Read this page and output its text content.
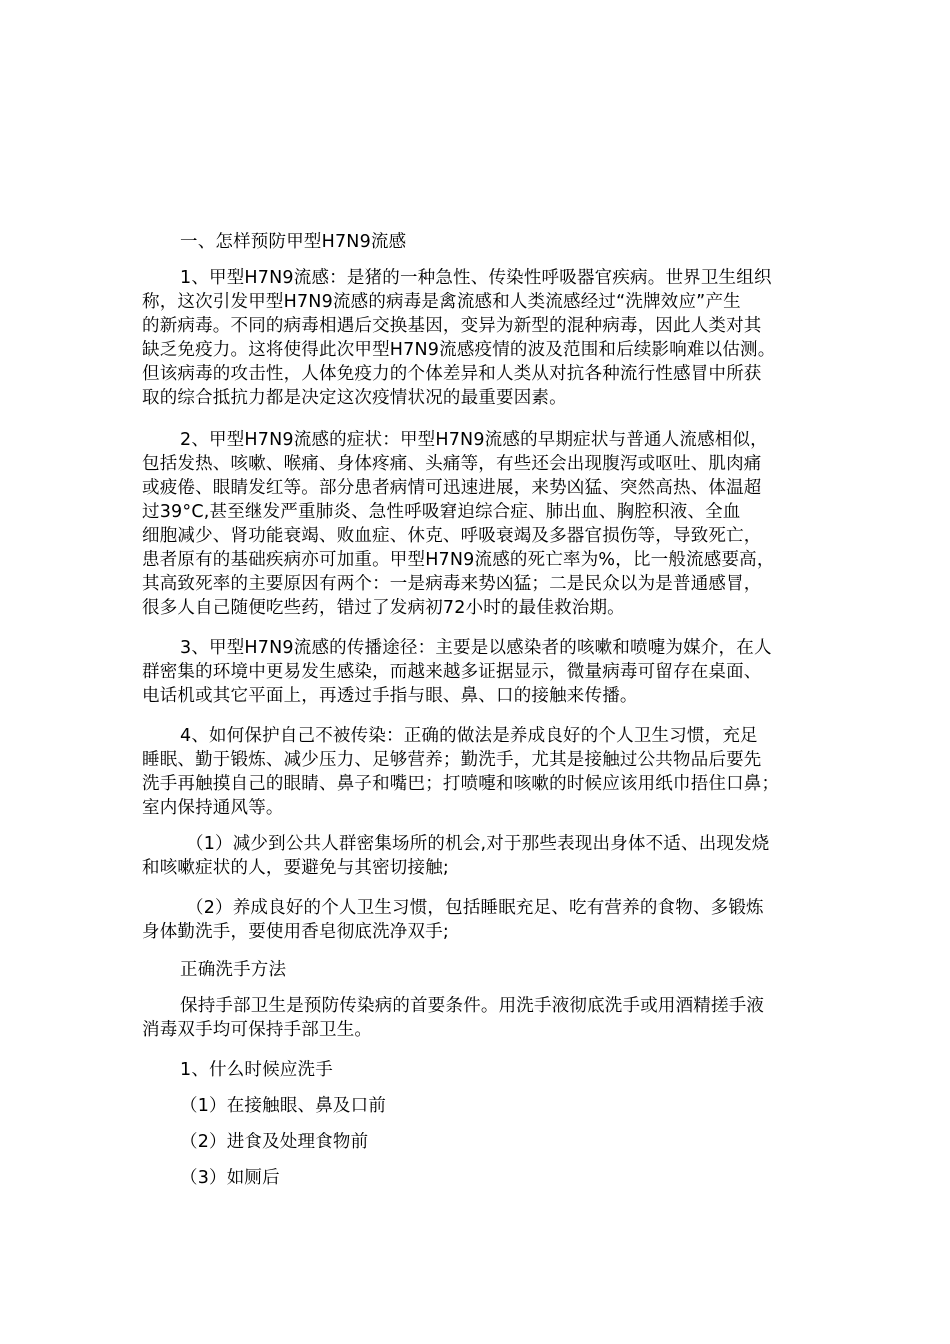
一、怎样预防甲型H7N9流感
1、甲型H7N9流感：是猪的一种急性、传染性呼吸器官疾病。世界卫生组织
称，这次引发甲型H7N9流感的病毒是禽流感和人类流感经过“洗牌效应”产生
的新病毒。不同的病毒相遇后交换基因，变异为新型的混种病毒，因此人类对其
缺乏免疫力。这将使得此次甲型H7N9流感疫情的波及范围和后续影响难以估测。
但该病毒的攻击性，人体免疫力的个体差异和人类从对抗各种流行性感冒中所获
取的综合抵抗力都是决定这次疫情状况的最重要因素。
2、甲型H7N9流感的症状：甲型H7N9流感的早期症状与普通人流感相似，
包括发热、咳嗽、喉痛、身体疼痛、头痛等，有些还会出现腹泻或呕吐、肌肉痛
或疲倦、眼睛发红等。部分患者病情可迅速进展，来势凶猛、突然高热、体温超
过39°C,甚至继发严重肺炎、急性呼吸窘迫综合症、肺出血、胸腔积液、全血
细胞减少、肾功能衰竭、败血症、休克、呼吸衰竭及多器官损伤等，导致死亡，
患者原有的基础疾病亦可加重。甲型H7N9流感的死亡率为%，比一般流感要高，
其高致死率的主要原因有两个：一是病毒来势凶猛；二是民众以为是普通感冒，
很多人自己随便吃些药，错过了发病初72小时的最佳救治期。
3、甲型H7N9流感的传播途径：主要是以感染者的咳嗽和喷嚏为媒介，在人
群密集的环境中更易发生感染，而越来越多证据显示，微量病毒可留存在桌面、
电话机或其它平面上，再透过手指与眼、鼻、口的接触来传播。
4、如何保护自己不被传染：正确的做法是养成良好的个人卫生习惯，充足
睡眠、勤于锻炼、减少压力、足够营养；勤洗手，尤其是接触过公共物品后要先
洗手再触摸自己的眼睛、鼻子和嘴巴；打喷嚏和咳嗽的时候应该用纸巾捂住口鼻；
室内保持通风等。
（1）减少到公共人群密集场所的机会,对于那些表现出身体不适、出现发烧
和咳嗽症状的人，要避免与其密切接触;
（2）养成良好的个人卫生习惯，包括睡眠充足、吃有营养的食物、多锻炼
身体勤洗手，要使用香皂彻底洗净双手;
正确洗手方法
保持手部卫生是预防传染病的首要条件。用洗手液彻底洗手或用酒精搓手液
消毒双手均可保持手部卫生。
1、什么时候应洗手
（1）在接触眼、鼻及口前
（2）进食及处理食物前
（3）如厕后
